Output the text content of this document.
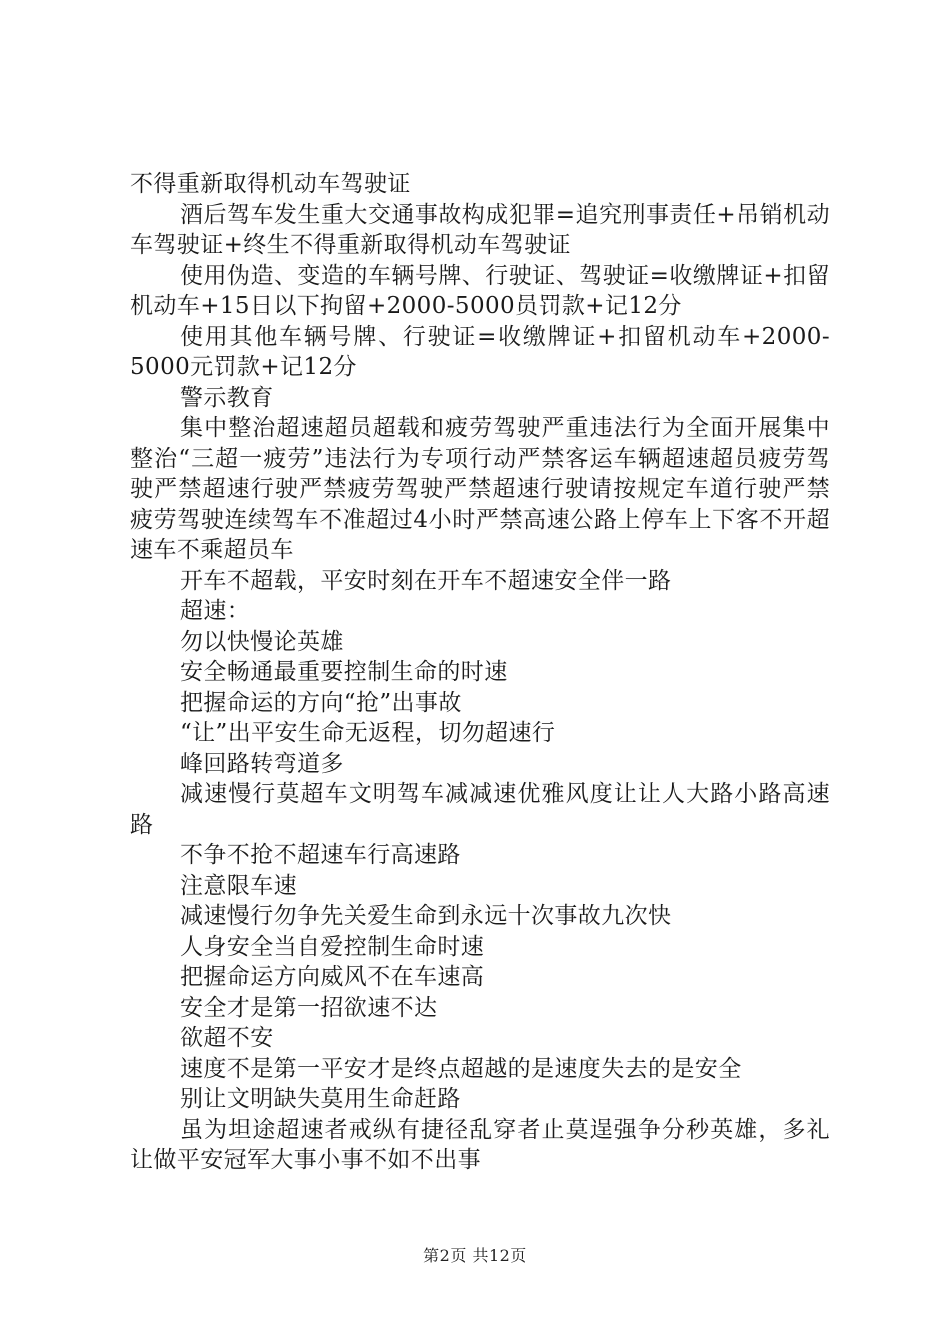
不得重新取得机动车驾驶证

酒后驾车发生重大交通事故构成犯罪=追究刑事责任+吊销机动车驾驶证+终生不得重新取得机动车驾驶证

使用伪造、变造的车辆号牌、行驶证、驾驶证=收缴牌证+扣留机动车+15日以下拘留+2000-5000员罚款+记12分

使用其他车辆号牌、行驶证=收缴牌证+扣留机动车+2000-5000元罚款+记12分

警示教育

集中整治超速超员超载和疲劳驾驶严重违法行为全面开展集中整治“三超一疲劳”违法行为专项行动严禁客运车辆超速超员疲劳驾驶严禁超速行驶严禁疲劳驾驶严禁超速行驶请按规定车道行驶严禁疲劳驾驶连续驾车不准超过4小时严禁高速公路上停车上下客不开超速车不乘超员车

开车不超载，平安时刻在开车不超速安全伴一路

超速：

勿以快慢论英雄

安全畅通最重要控制生命的时速

把握命运的方向“抢”出事故

“让”出平安生命无返程，切勿超速行

峰回路转弯道多

减速慢行莫超车文明驾车减减速优雅风度让让人大路小路高速路

不争不抢不超速车行高速路

注意限车速

减速慢行勿争先关爱生命到永远十次事故九次快

人身安全当自爱控制生命时速

把握命运方向威风不在车速高

安全才是第一招欲速不达

欲超不安

速度不是第一平安才是终点超越的是速度失去的是安全

别让文明缺失莫用生命赶路

虽为坦途超速者戒纵有捷径乱穿者止莫逞强争分秒英雄，多礼让做平安冠军大事小事不如不出事

第2页 共12页
